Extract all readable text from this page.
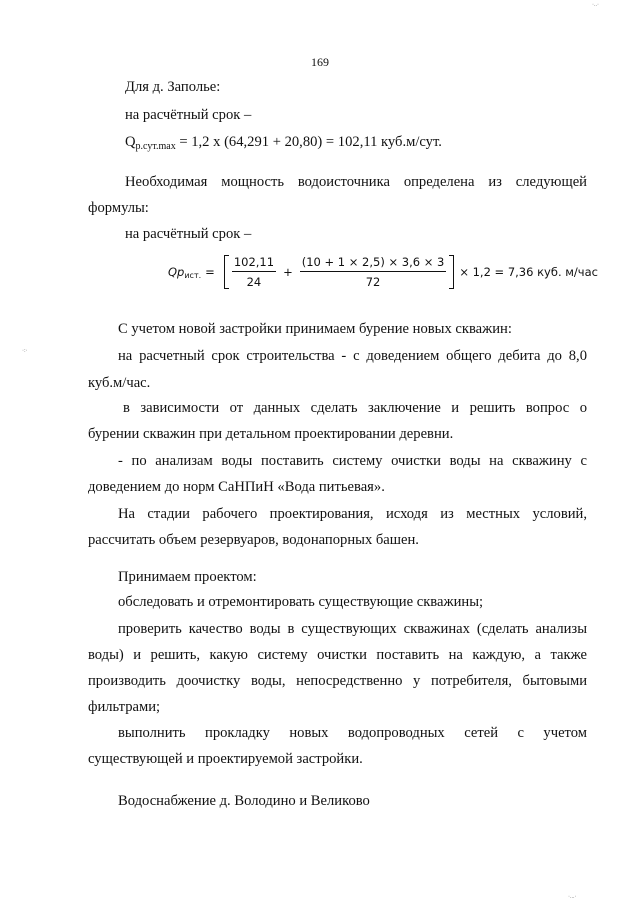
169
Для д. Заполье:
на расчётный срок –
$Q_{р.сут.max} = 1,2$ х (64,291 + 20,80) = 102,11 куб.м/сут.
Необходимая мощность водоисточника определена из следующей
формулы:
на расчётный срок –
Qpист. = $\frac{102,11}{24} + \frac{(10 + 1 \times 2,5) \times 3,6 \times 3}{72} \times 1,2 = 7,36$ куб. м/час
С учетом новой застройки принимаем бурение новых скважин:
на расчетный срок строительства - с доведением общего дебита до 8,0
куб.м/час.
в зависимости от данных сделать заключение и решить вопрос о
бурении скважин при детальном проектировании деревни.
- по анализам воды поставить систему очистки воды на скважину с
доведением до норм СаНПиН «Вода питьевая».
На стадии рабочего проектирования, исходя из местных условий,
рассчитать объем резервуаров, водонапорных башен.
Принимаем проектом:
обследовать и отремонтировать существующие скважины;
проверить качество воды в существующих скважинах (сделать анализы
воды) и решить, какую систему очистки поставить на каждую, а также
производить доочистку воды, непосредственно у потребителя, бытовыми
фильтрами;
выполнить прокладку новых водопроводных сетей с учетом
существующей и проектируемой застройки.
Водоснабжение д. Володино и Великово
·:·
·..·
·...·
